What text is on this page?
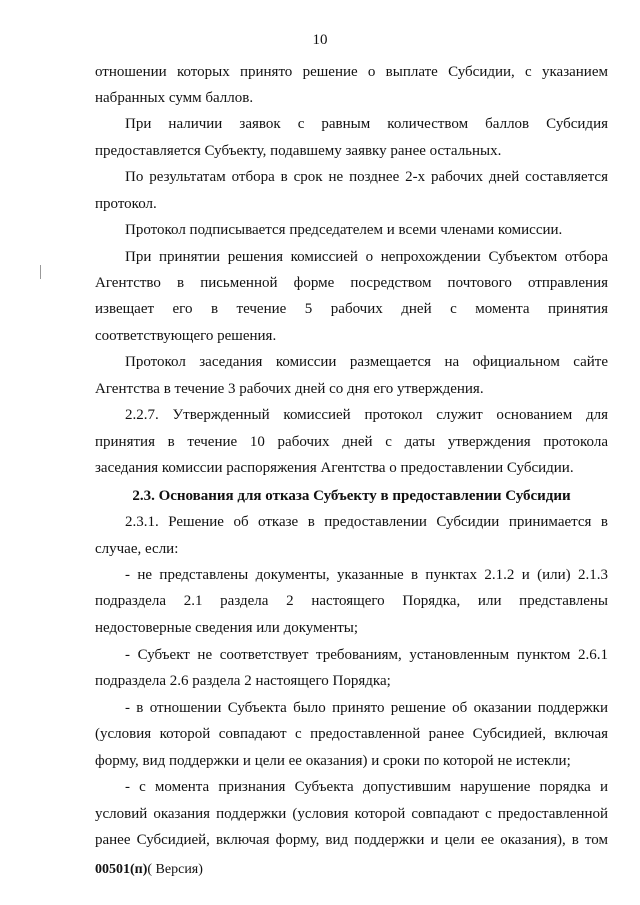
10
отношении которых принято решение о выплате Субсидии, с указанием
набранных сумм баллов.
При наличии заявок с равным количеством баллов Субсидия
предоставляется Субъекту, подавшему заявку ранее остальных.
По результатам отбора в срок не позднее 2-х рабочих дней составляется
протокол.
Протокол подписывается председателем и всеми членами комиссии.
При принятии решения комиссией о непрохождении Субъектом отбора
Агентство в письменной форме посредством почтового отправления
извещает его в течение 5 рабочих дней с момента принятия
соответствующего решения.
Протокол заседания комиссии размещается на официальном сайте
Агентства в течение 3 рабочих дней со дня его утверждения.
2.2.7. Утвержденный комиссией протокол служит основанием для
принятия в течение 10 рабочих дней с даты утверждения протокола
заседания комиссии распоряжения Агентства о предоставлении Субсидии.
2.3. Основания для отказа Субъекту в предоставлении Субсидии
2.3.1. Решение об отказе в предоставлении Субсидии принимается в
случае, если:
- не представлены документы, указанные в пунктах 2.1.2 и (или) 2.1.3
подраздела 2.1 раздела 2 настоящего Порядка, или представлены
недостоверные сведения или документы;
- Субъект не соответствует требованиям, установленным пунктом 2.6.1
подраздела 2.6 раздела 2 настоящего Порядка;
- в отношении Субъекта было принято решение об оказании поддержки
(условия которой совпадают с предоставленной ранее Субсидией, включая
форму, вид поддержки и цели ее оказания) и сроки по которой не истекли;
- с момента признания Субъекта допустившим нарушение порядка и
условий оказания поддержки (условия которой совпадают с предоставленной
ранее Субсидией, включая форму, вид поддержки и цели ее оказания), в том
00501(п)( Версия)
